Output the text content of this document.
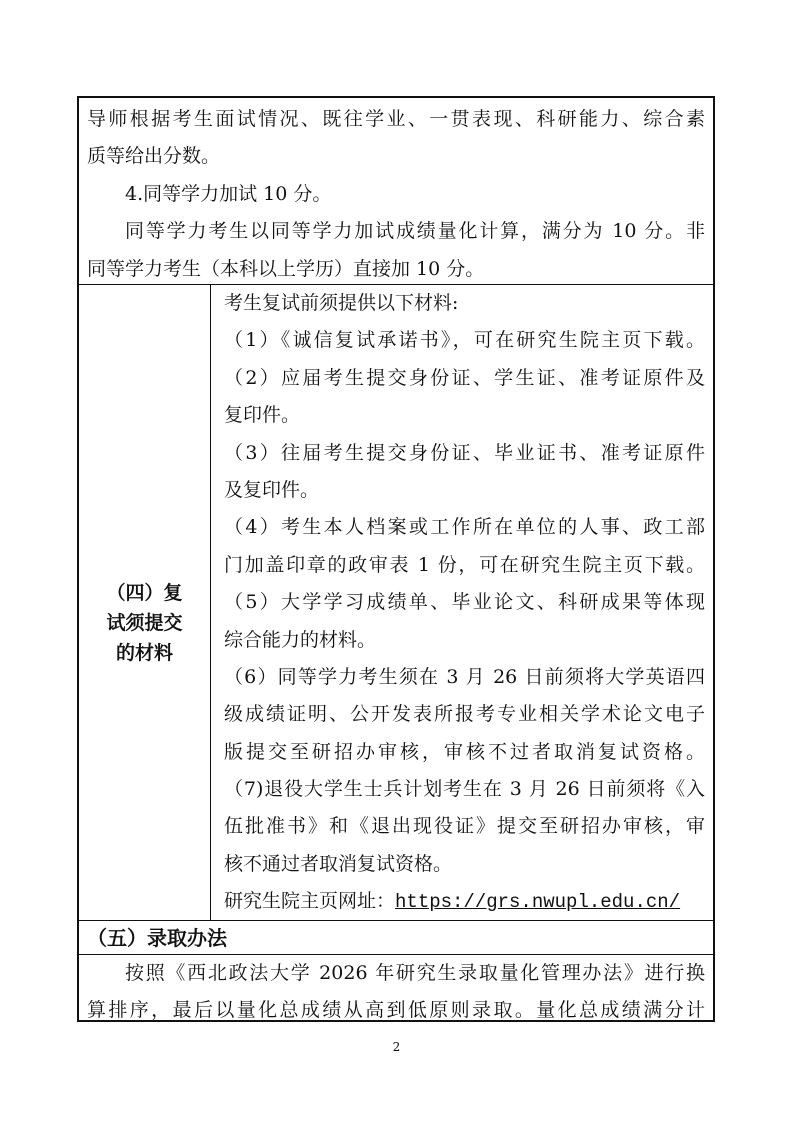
导师根据考生面试情况、既往学业、一贯表现、科研能力、综合素
质等给出分数。
4.同等学力加试 10 分。
同等学力考生以同等学力加试成绩量化计算，满分为 10 分。非
同等学力考生（本科以上学历）直接加 10 分。
（四）复
试须提交
的材料
考生复试前须提供以下材料:
（1）《诚信复试承诺书》，可在研究生院主页下载。
（2）应届考生提交身份证、学生证、准考证原件及
复印件。
（3）往届考生提交身份证、毕业证书、准考证原件
及复印件。
（4）考生本人档案或工作所在单位的人事、政工部
门加盖印章的政审表 1 份，可在研究生院主页下载。
（5）大学学习成绩单、毕业论文、科研成果等体现
综合能力的材料。
（6）同等学力考生须在 3 月 26 日前须将大学英语四
级成绩证明、公开发表所报考专业相关学术论文电子
版提交至研招办审核，审核不过者取消复试资格。
（7)退役大学生士兵计划考生在 3 月 26 日前须将《入
伍批准书》和《退出现役证》提交至研招办审核，审
核不通过者取消复试资格。
研究生院主页网址：https://grs.nwupl.edu.cn/
（五）录取办法
按照《西北政法大学 2026 年研究生录取量化管理办法》进行换
算排序，最后以量化总成绩从高到低原则录取。量化总成绩满分计
2
